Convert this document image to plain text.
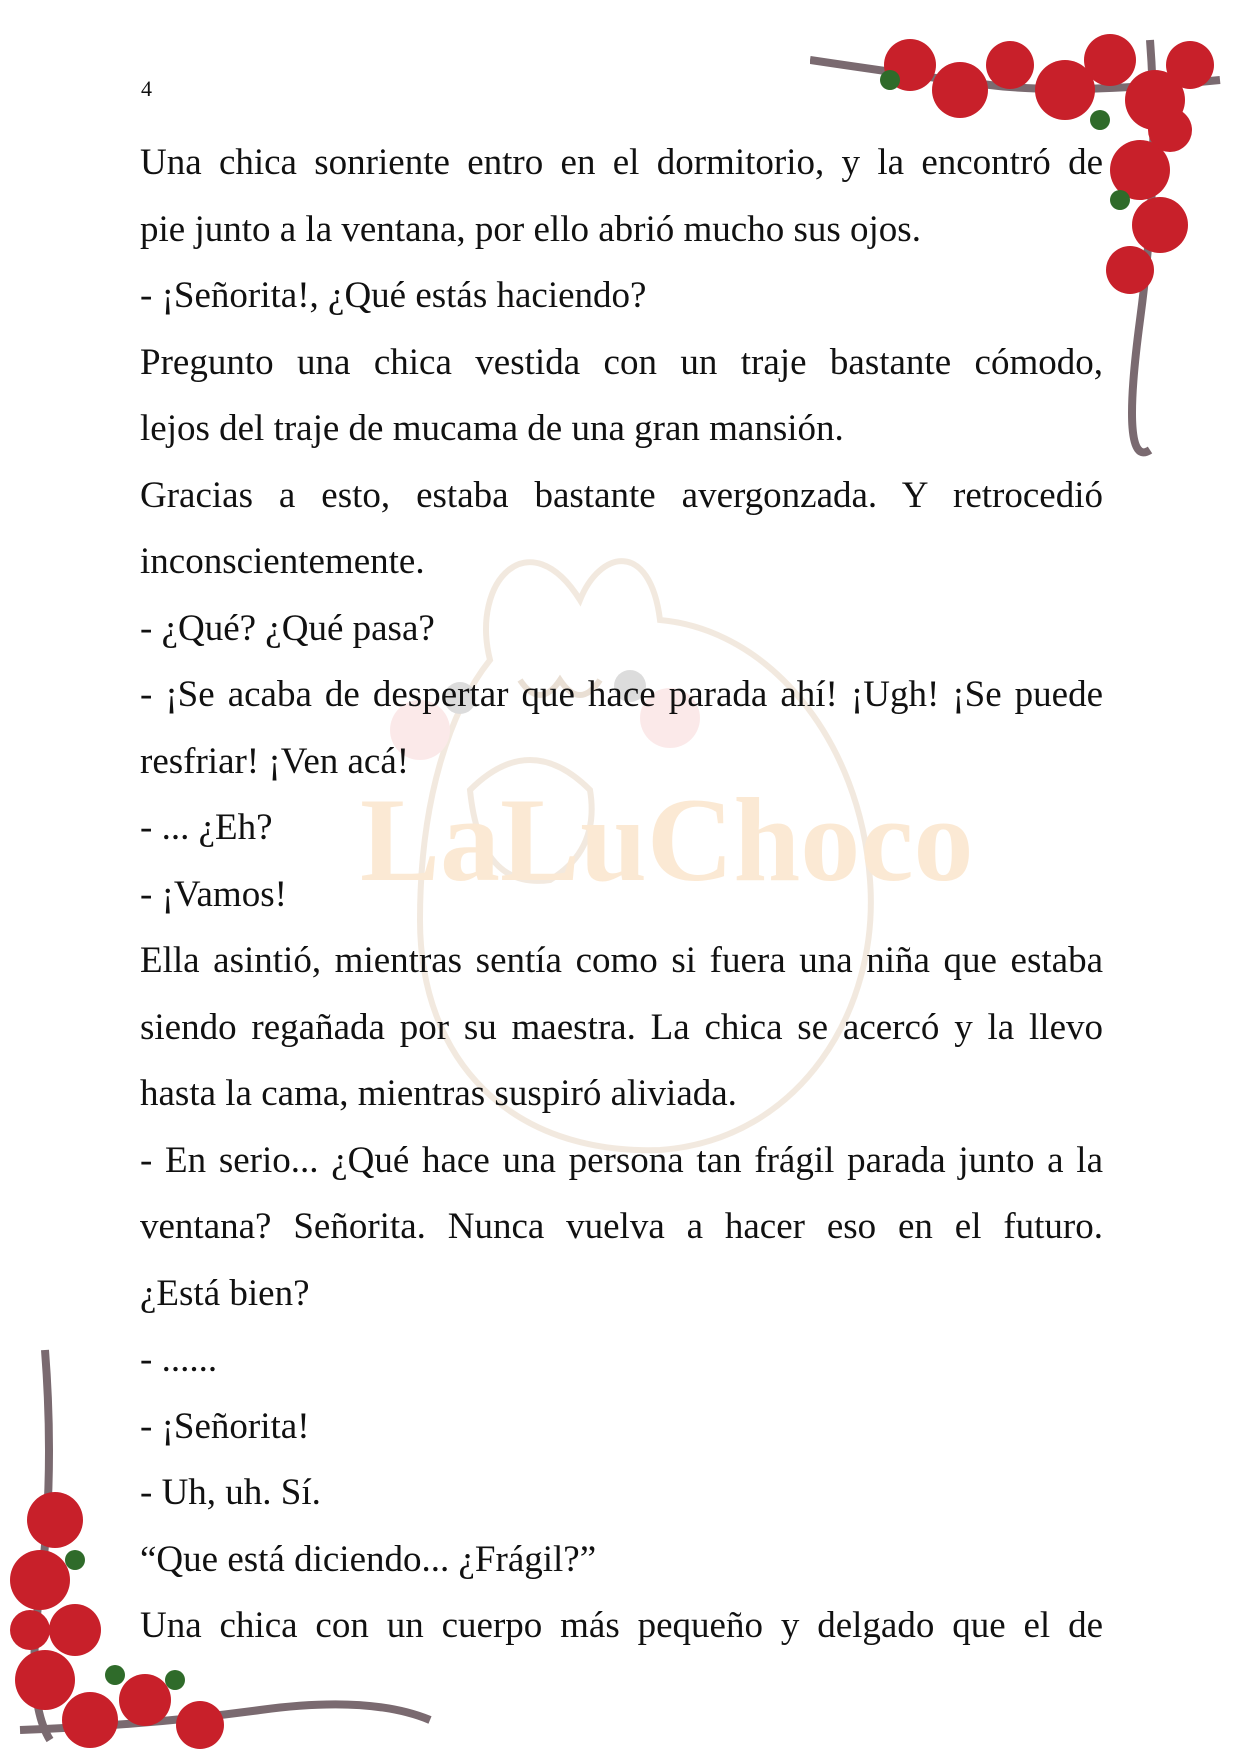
LaLuChoco
4
Una chica sonriente entro en el dormitorio, y la encontró de
pie junto a la ventana, por ello abrió mucho sus ojos.
- ¡Señorita!, ¿Qué estás haciendo?
Pregunto una chica vestida con un traje bastante cómodo,
lejos del traje de mucama de una gran mansión.
Gracias a esto, estaba bastante avergonzada. Y retrocedió
inconscientemente.
- ¿Qué? ¿Qué pasa?
- ¡Se acaba de despertar que hace parada ahí! ¡Ugh! ¡Se puede
resfriar! ¡Ven acá!
- ... ¿Eh?
- ¡Vamos!
Ella asintió, mientras sentía como si fuera una niña que estaba
siendo regañada por su maestra. La chica se acercó y la llevo
hasta la cama, mientras suspiró aliviada.
- En serio... ¿Qué hace una persona tan frágil parada junto a la
ventana? Señorita. Nunca vuelva a hacer eso en el futuro.
¿Está bien?
- ......
- ¡Señorita!
- Uh, uh. Sí.
“Que está diciendo... ¿Frágil?”
Una chica con un cuerpo más pequeño y delgado que el de
